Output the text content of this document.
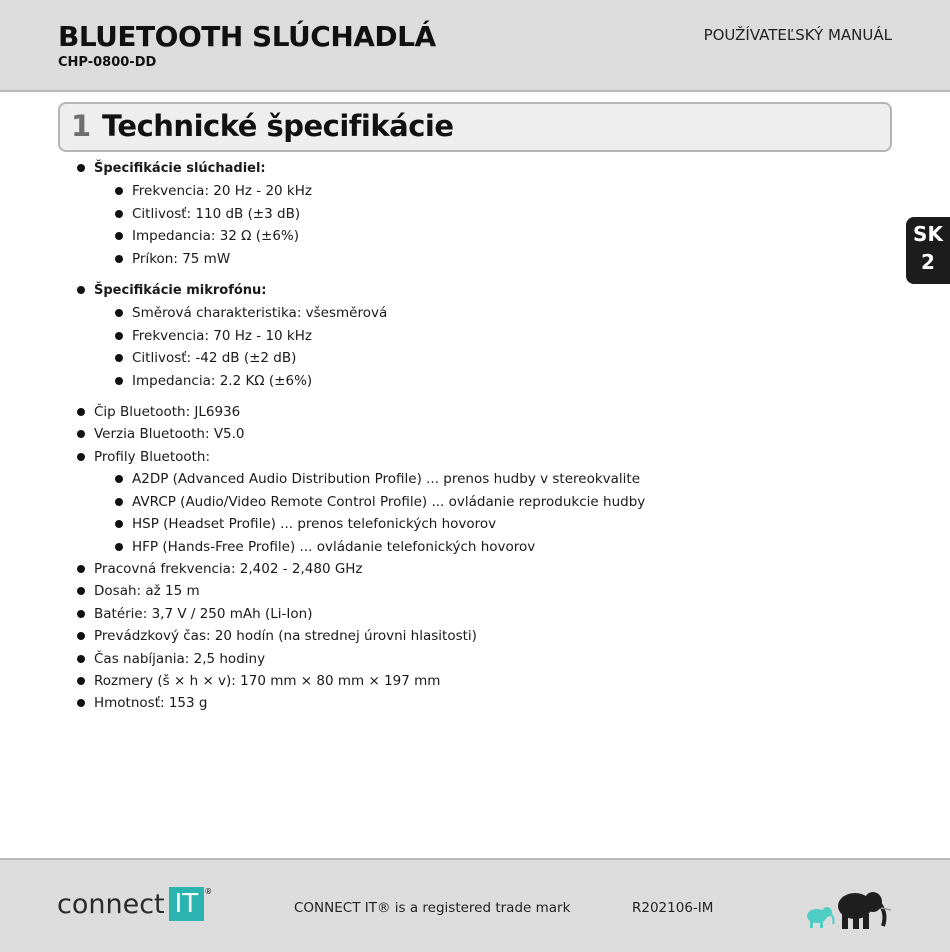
BLUETOOTH SLÚCHADLÁ
CHP-0800-DD
POUŽÍVATEĽSKÝ MANUÁL
1 Technické špecifikácie
SK
2
Špecifikácie slúchadiel:
Frekvencia: 20 Hz - 20 kHz
Citlivosť: 110 dB (±3 dB)
Impedancia: 32 Ω (±6%)
Príkon: 75 mW
Špecifikácie mikrofónu:
Směrová charakteristika: všesměrová
Frekvencia: 70 Hz - 10 kHz
Citlivosť: -42 dB (±2 dB)
Impedancia: 2.2 KΩ (±6%)
Čip Bluetooth: JL6936
Verzia Bluetooth: V5.0
Profily Bluetooth:
A2DP (Advanced Audio Distribution Profile) ... prenos hudby v stereokvalite
AVRCP (Audio/Video Remote Control Profile) ... ovládanie reprodukcie hudby
HSP (Headset Profile) ... prenos telefonických hovorov
HFP (Hands-Free Profile) ... ovládanie telefonických hovorov
Pracovná frekvencia: 2,402 - 2,480 GHz
Dosah: až 15 m
Batérie: 3,7 V / 250 mAh (Li-Ion)
Prevádzkový čas: 20 hodín (na strednej úrovni hlasitosti)
Čas nabíjania: 2,5 hodiny
Rozmery (š × h × v): 170 mm × 80 mm × 197 mm
Hmotnosť: 153 g
connect IT ®
CONNECT IT® is a registered trade mark	R202106-IM
